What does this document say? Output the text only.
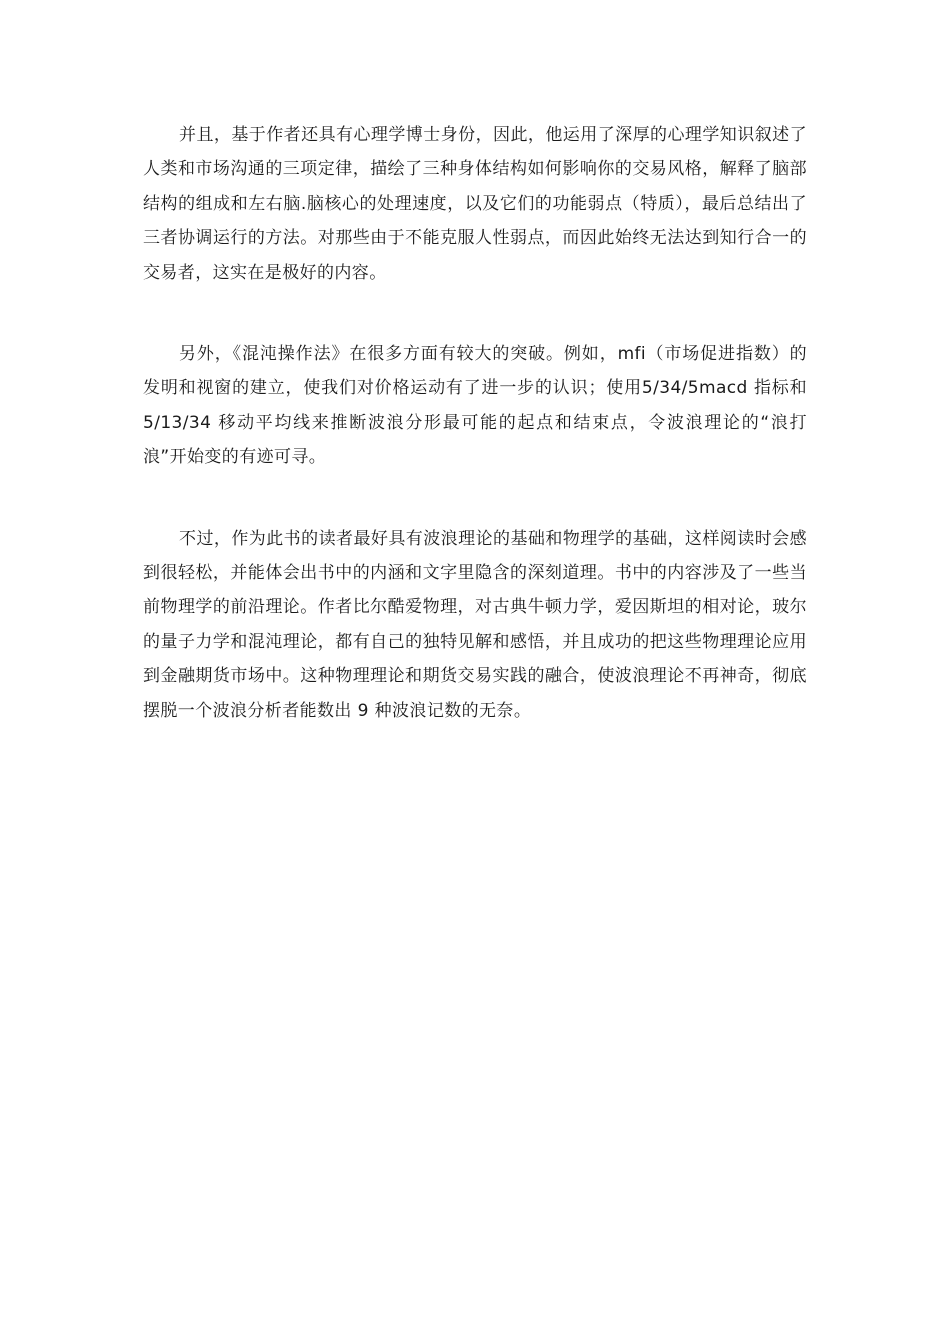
并且，基于作者还具有心理学博士身份，因此，他运用了深厚的心理学知识叙述了人类和市场沟通的三项定律，描绘了三种身体结构如何影响你的交易风格，解释了脑部结构的组成和左右脑.脑核心的处理速度，以及它们的功能弱点（特质），最后总结出了三者协调运行的方法。对那些由于不能克服人性弱点，而因此始终无法达到知行合一的交易者，这实在是极好的内容。

另外，《混沌操作法》在很多方面有较大的突破。例如，mfi（市场促进指数）的发明和视窗的建立，使我们对价格运动有了进一步的认识；使用5/34/5macd 指标和 5/13/34 移动平均线来推断波浪分形最可能的起点和结束点，令波浪理论的“浪打浪”开始变的有迹可寻。

不过，作为此书的读者最好具有波浪理论的基础和物理学的基础，这样阅读时会感到很轻松，并能体会出书中的内涵和文字里隐含的深刻道理。书中的内容涉及了一些当前物理学的前沿理论。作者比尔酷爱物理，对古典牛顿力学，爱因斯坦的相对论，玻尔的量子力学和混沌理论，都有自己的独特见解和感悟，并且成功的把这些物理理论应用到金融期货市场中。这种物理理论和期货交易实践的融合，使波浪理论不再神奇，彻底摆脱一个波浪分析者能数出 9 种波浪记数的无奈。
